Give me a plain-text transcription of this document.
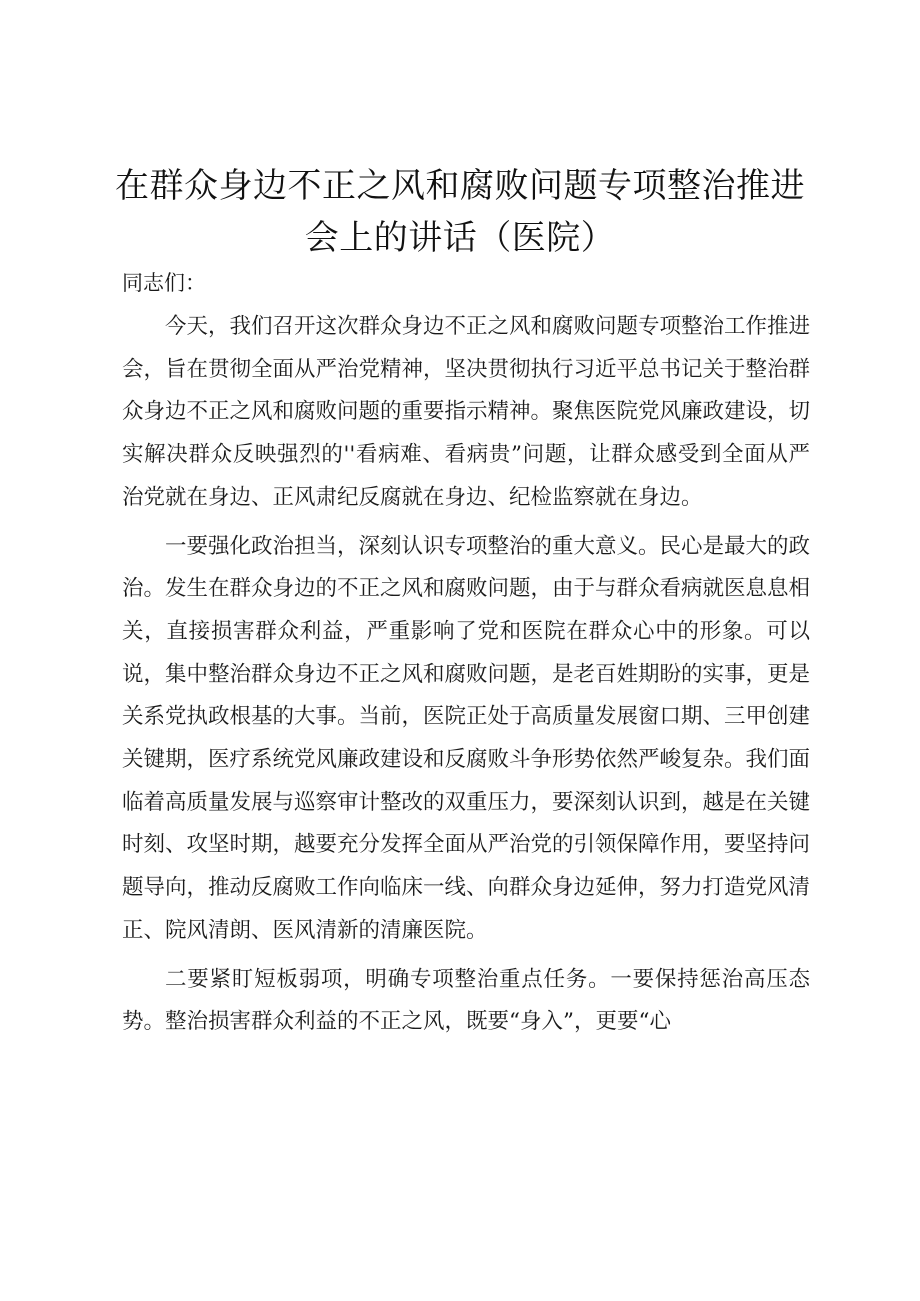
在群众身边不正之风和腐败问题专项整治推进
会上的讲话（医院）

同志们：

今天，我们召开这次群众身边不正之风和腐败问题专项整治工作推进会，旨在贯彻全面从严治党精神，坚决贯彻执行习近平总书记关于整治群众身边不正之风和腐败问题的重要指示精神。聚焦医院党风廉政建设，切实解决群众反映强烈的''看病难、看病贵”问题，让群众感受到全面从严治党就在身边、正风肃纪反腐就在身边、纪检监察就在身边。

一要强化政治担当，深刻认识专项整治的重大意义。民心是最大的政治。发生在群众身边的不正之风和腐败问题，由于与群众看病就医息息相关，直接损害群众利益，严重影响了党和医院在群众心中的形象。可以说，集中整治群众身边不正之风和腐败问题，是老百姓期盼的实事，更是关系党执政根基的大事。当前，医院正处于高质量发展窗口期、三甲创建关键期，医疗系统党风廉政建设和反腐败斗争形势依然严峻复杂。我们面临着高质量发展与巡察审计整改的双重压力，要深刻认识到，越是在关键时刻、攻坚时期，越要充分发挥全面从严治党的引领保障作用，要坚持问题导向，推动反腐败工作向临床一线、向群众身边延伸，努力打造党风清正、院风清朗、医风清新的清廉医院。

二要紧盯短板弱项，明确专项整治重点任务。一要保持惩治高压态势。整治损害群众利益的不正之风，既要“身入”，更要“心
